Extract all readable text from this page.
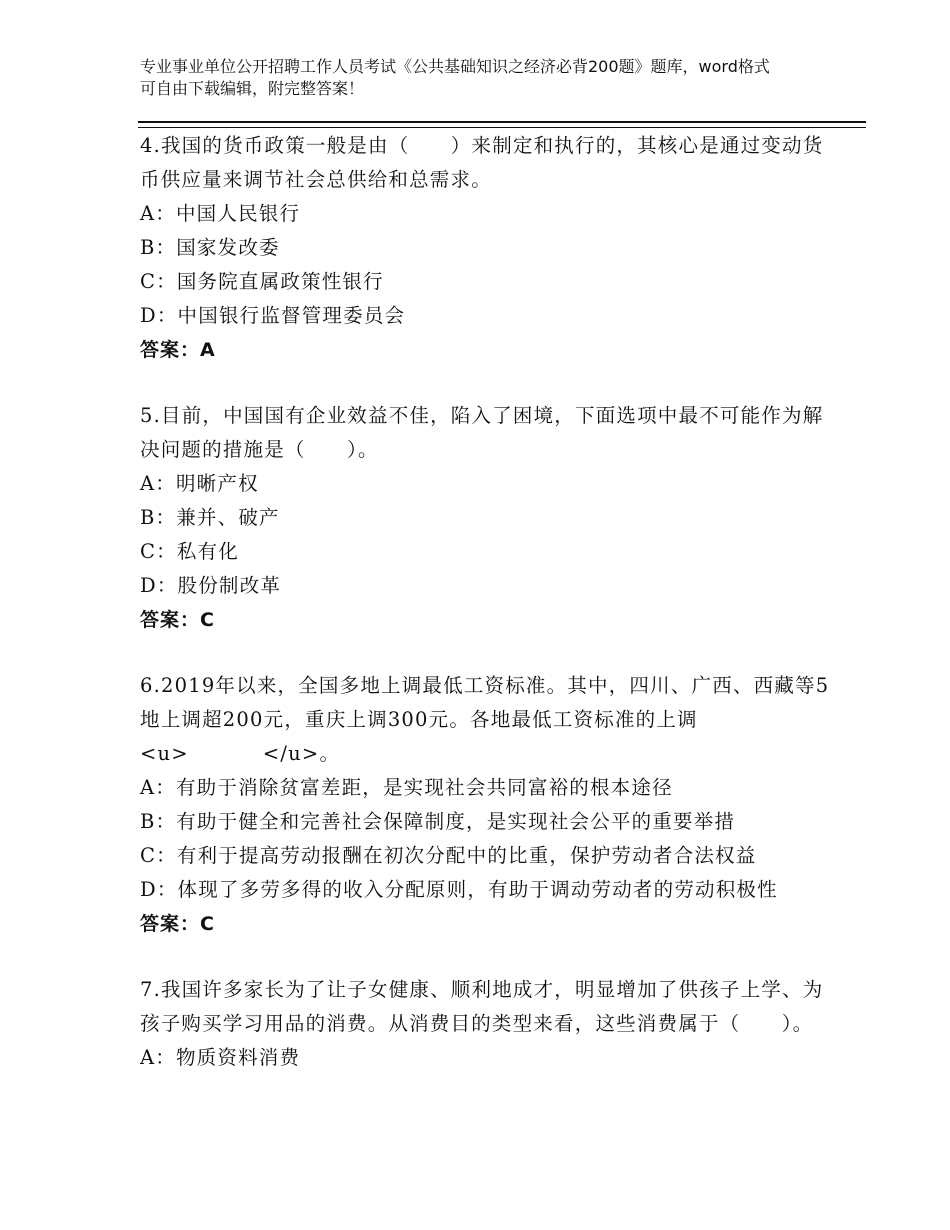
专业事业单位公开招聘工作人员考试《公共基础知识之经济必背200题》题库，word格式可自由下载编辑，附完整答案！
4.我国的货币政策一般是由（　　）来制定和执行的，其核心是通过变动货币供应量来调节社会总供给和总需求。
A：中国人民银行
B：国家发改委
C：国务院直属政策性银行
D：中国银行监督管理委员会
答案：A
5.目前，中国国有企业效益不佳，陷入了困境，下面选项中最不可能作为解决问题的措施是（　　）。
A：明晰产权
B：兼并、破产
C：私有化
D：股份制改革
答案：C
6.2019年以来，全国多地上调最低工资标准。其中，四川、广西、西藏等5地上调超200元，重庆上调300元。各地最低工资标准的上调
<u>	</u>。
A：有助于消除贫富差距，是实现社会共同富裕的根本途径
B：有助于健全和完善社会保障制度，是实现社会公平的重要举措
C：有利于提高劳动报酬在初次分配中的比重，保护劳动者合法权益
D：体现了多劳多得的收入分配原则，有助于调动劳动者的劳动积极性
答案：C
7.我国许多家长为了让子女健康、顺利地成才，明显增加了供孩子上学、为孩子购买学习用品的消费。从消费目的类型来看，这些消费属于（　　）。
A：物质资料消费
